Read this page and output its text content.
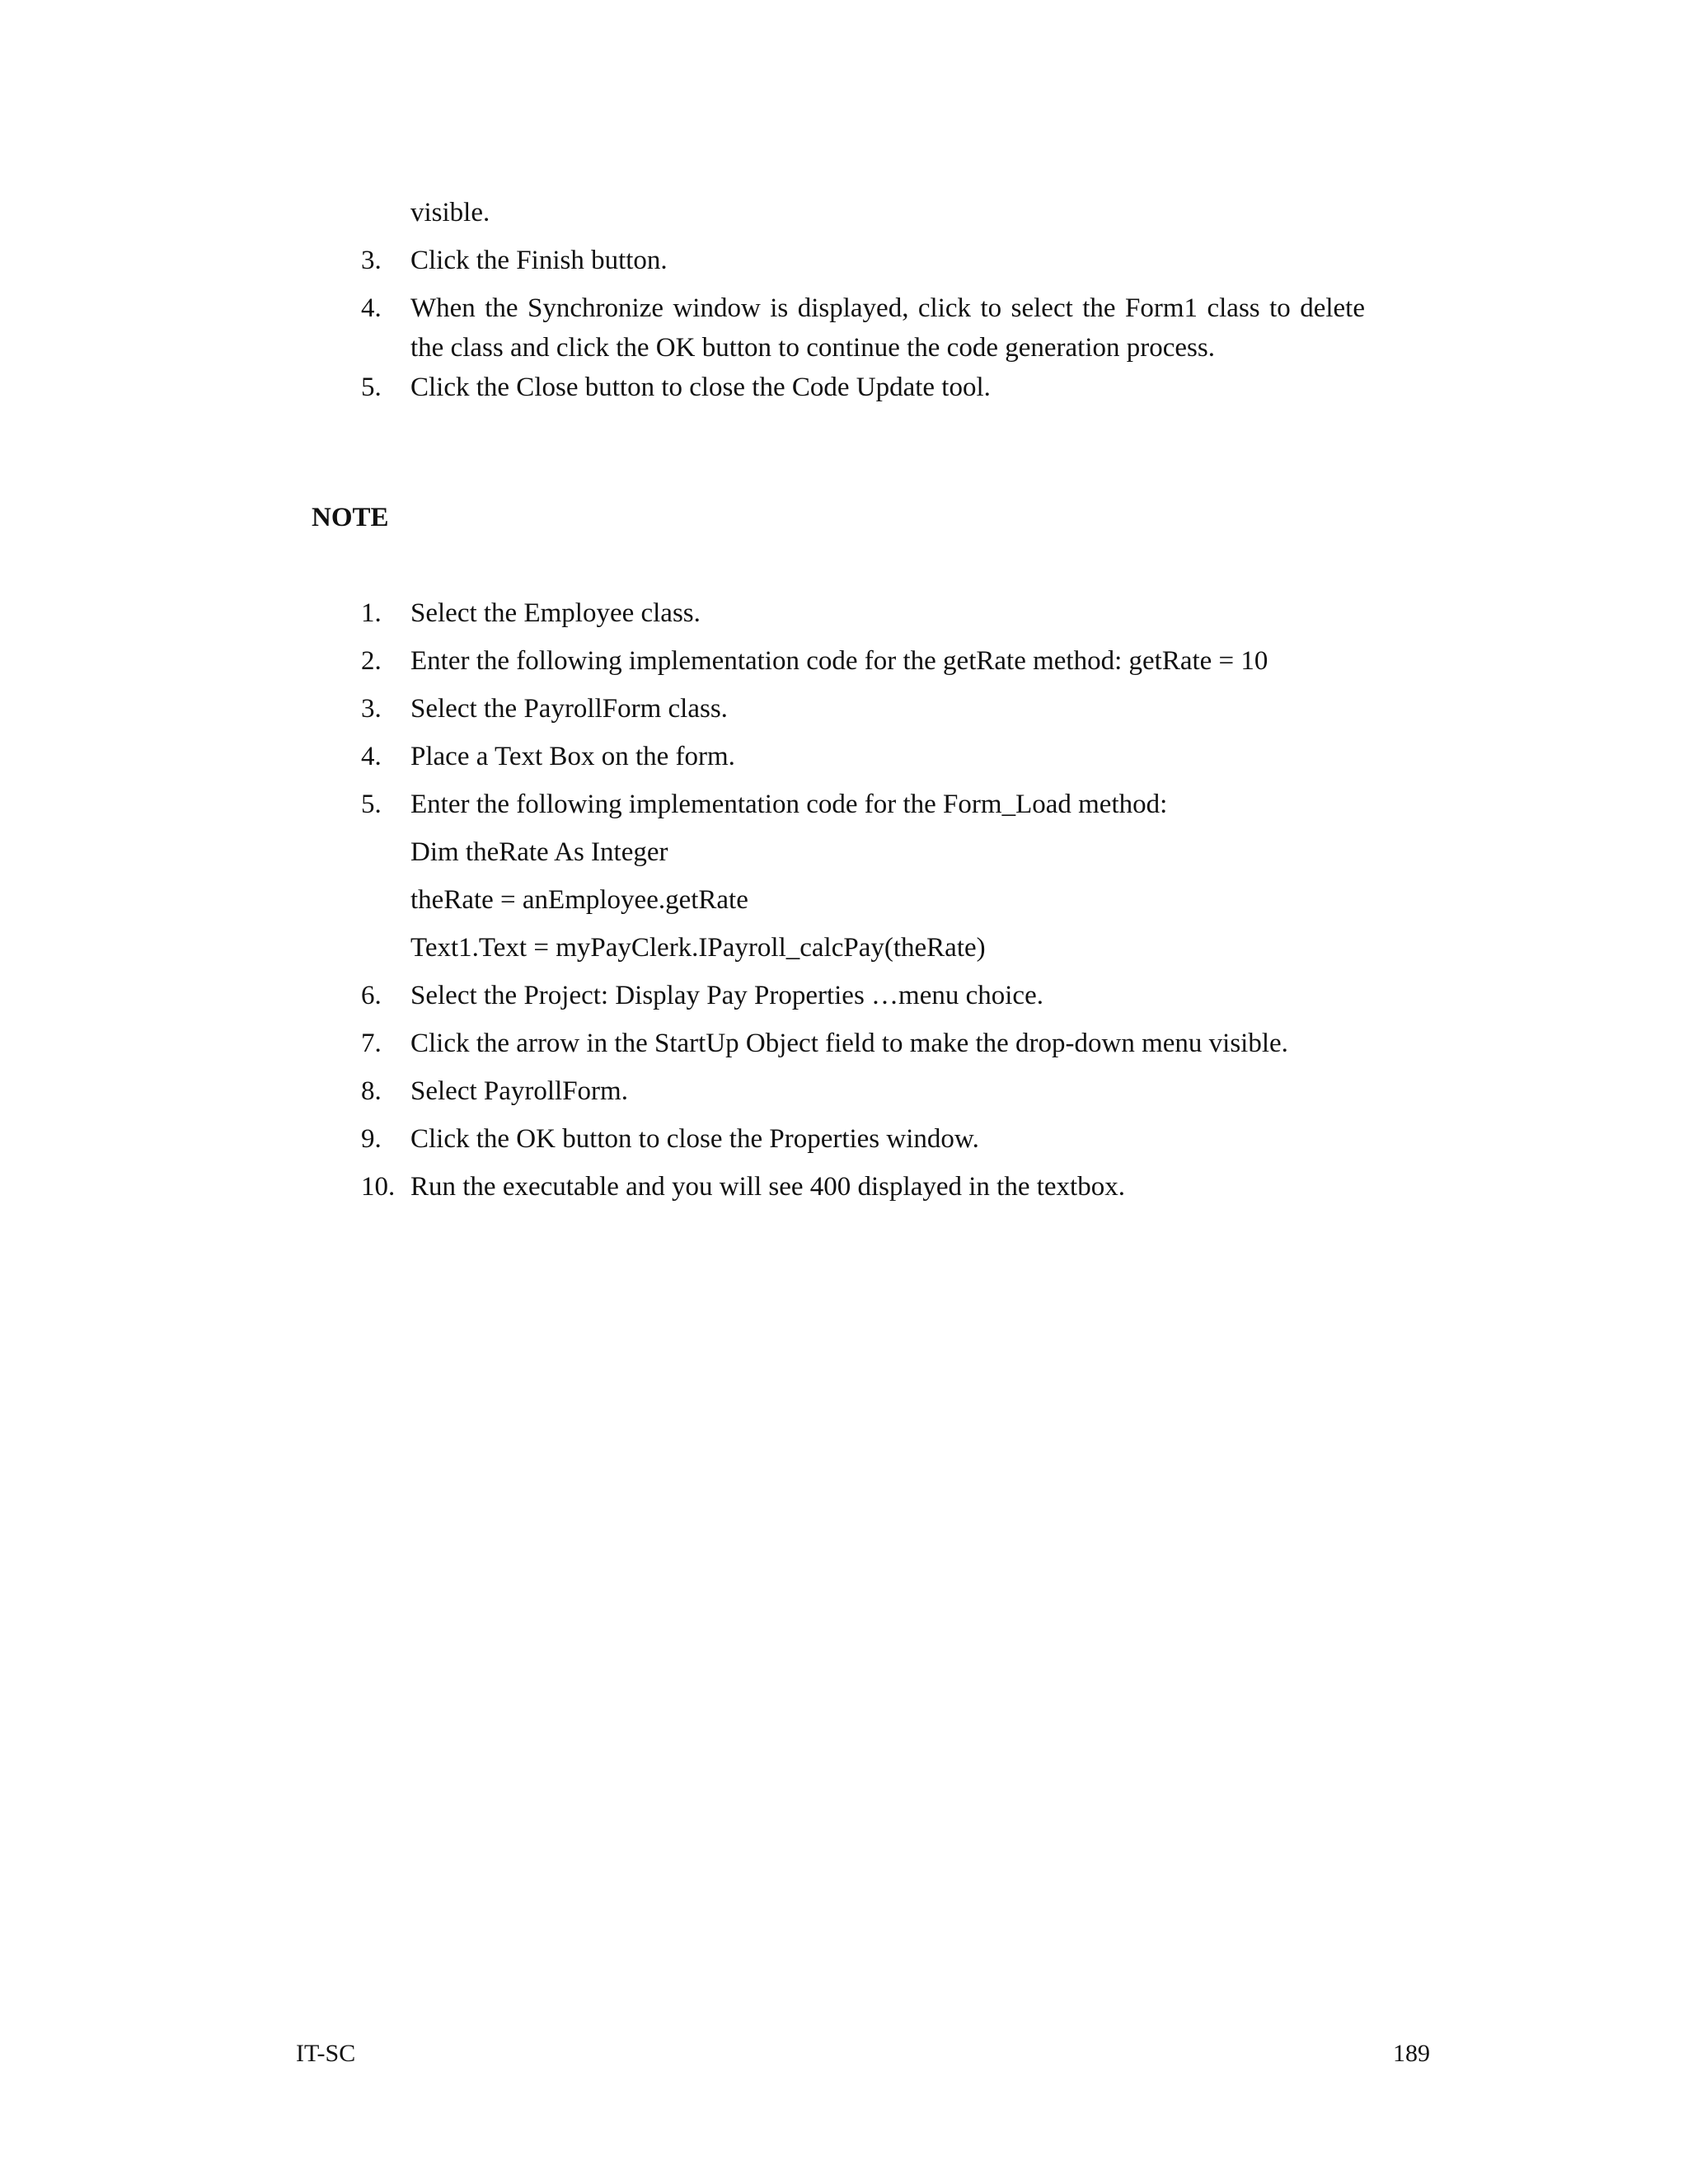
visible.
3.	Click the Finish button.
4.	When the Synchronize window is displayed, click to select the Form1 class to delete the class and click the OK button to continue the code generation process.
5.	Click the Close button to close the Code Update tool.
NOTE
1.	Select the Employee class.
2.	Enter the following implementation code for the getRate method: getRate = 10
3.	Select the PayrollForm class.
4.	Place a Text Box on the form.
5.	Enter the following implementation code for the Form_Load method:
Dim theRate As Integer
theRate = anEmployee.getRate
Text1.Text = myPayClerk.IPayroll_calcPay(theRate)
6.	Select the Project: Display Pay Properties …menu choice.
7.	Click the arrow in the StartUp Object field to make the drop-down menu visible.
8.	Select PayrollForm.
9.	Click the OK button to close the Properties window.
10. Run the executable and you will see 400 displayed in the textbox.
IT-SC	189
